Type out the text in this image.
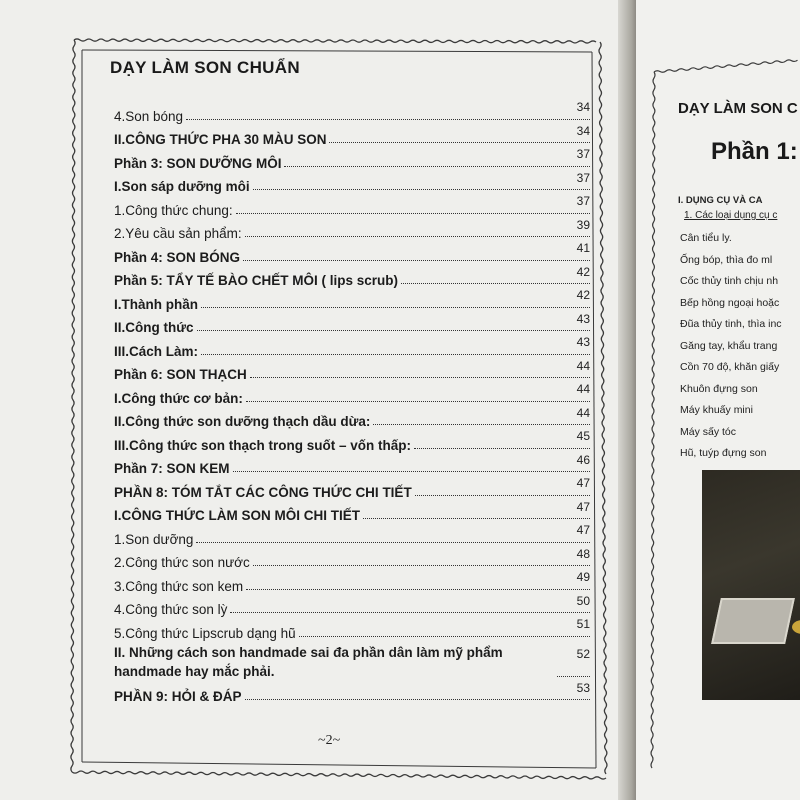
DẠY LÀM SON CHUẨN
4.Son bóng
34
II.CÔNG THỨC PHA 30 MÀU SON
34
Phần 3: SON DƯỠNG MÔI
37
I.Son sáp dưỡng môi
37
1.Công thức chung:
37
2.Yêu cầu sản phẩm:
39
Phần 4: SON BÓNG
41
Phần 5: TẨY TẾ BÀO CHẾT MÔI ( lips scrub)
42
I.Thành phần
42
II.Công thức
43
III.Cách Làm:
43
Phần 6: SON THẠCH
44
I.Công thức cơ bản:
44
II.Công thức son dưỡng thạch dầu dừa:
44
III.Công thức son thạch trong suốt – vốn thấp:
45
Phần 7: SON KEM
46
PHẦN 8: TÓM TẮT CÁC CÔNG THỨC CHI TIẾT
47
I.CÔNG THỨC LÀM SON MÔI CHI TIẾT
47
1.Son dưỡng
47
2.Công thức son nước
48
3.Công thức son kem
49
4.Công thức son lỳ
50
5.Công thức Lipscrub dạng hũ
51
II. Những cách son handmade sai đa phần dân làm mỹ phẩm handmade hay mắc phải.
52
PHẦN 9: HỎI & ĐÁP
53
~2~
DẠY LÀM SON C
Phần 1:
I. DỤNG CỤ VÀ CA
1. Các loại dụng cụ c
Cân tiểu ly.
Ống bóp, thìa đo ml
Cốc thủy tinh chịu nh
Bếp hồng ngoại hoặc
Đũa thủy tinh, thìa inc
Găng tay, khẩu trang
Cồn 70 độ, khăn giấy
Khuôn đựng son
Máy khuấy mini
Máy sấy tóc
Hũ, tuýp đựng son
